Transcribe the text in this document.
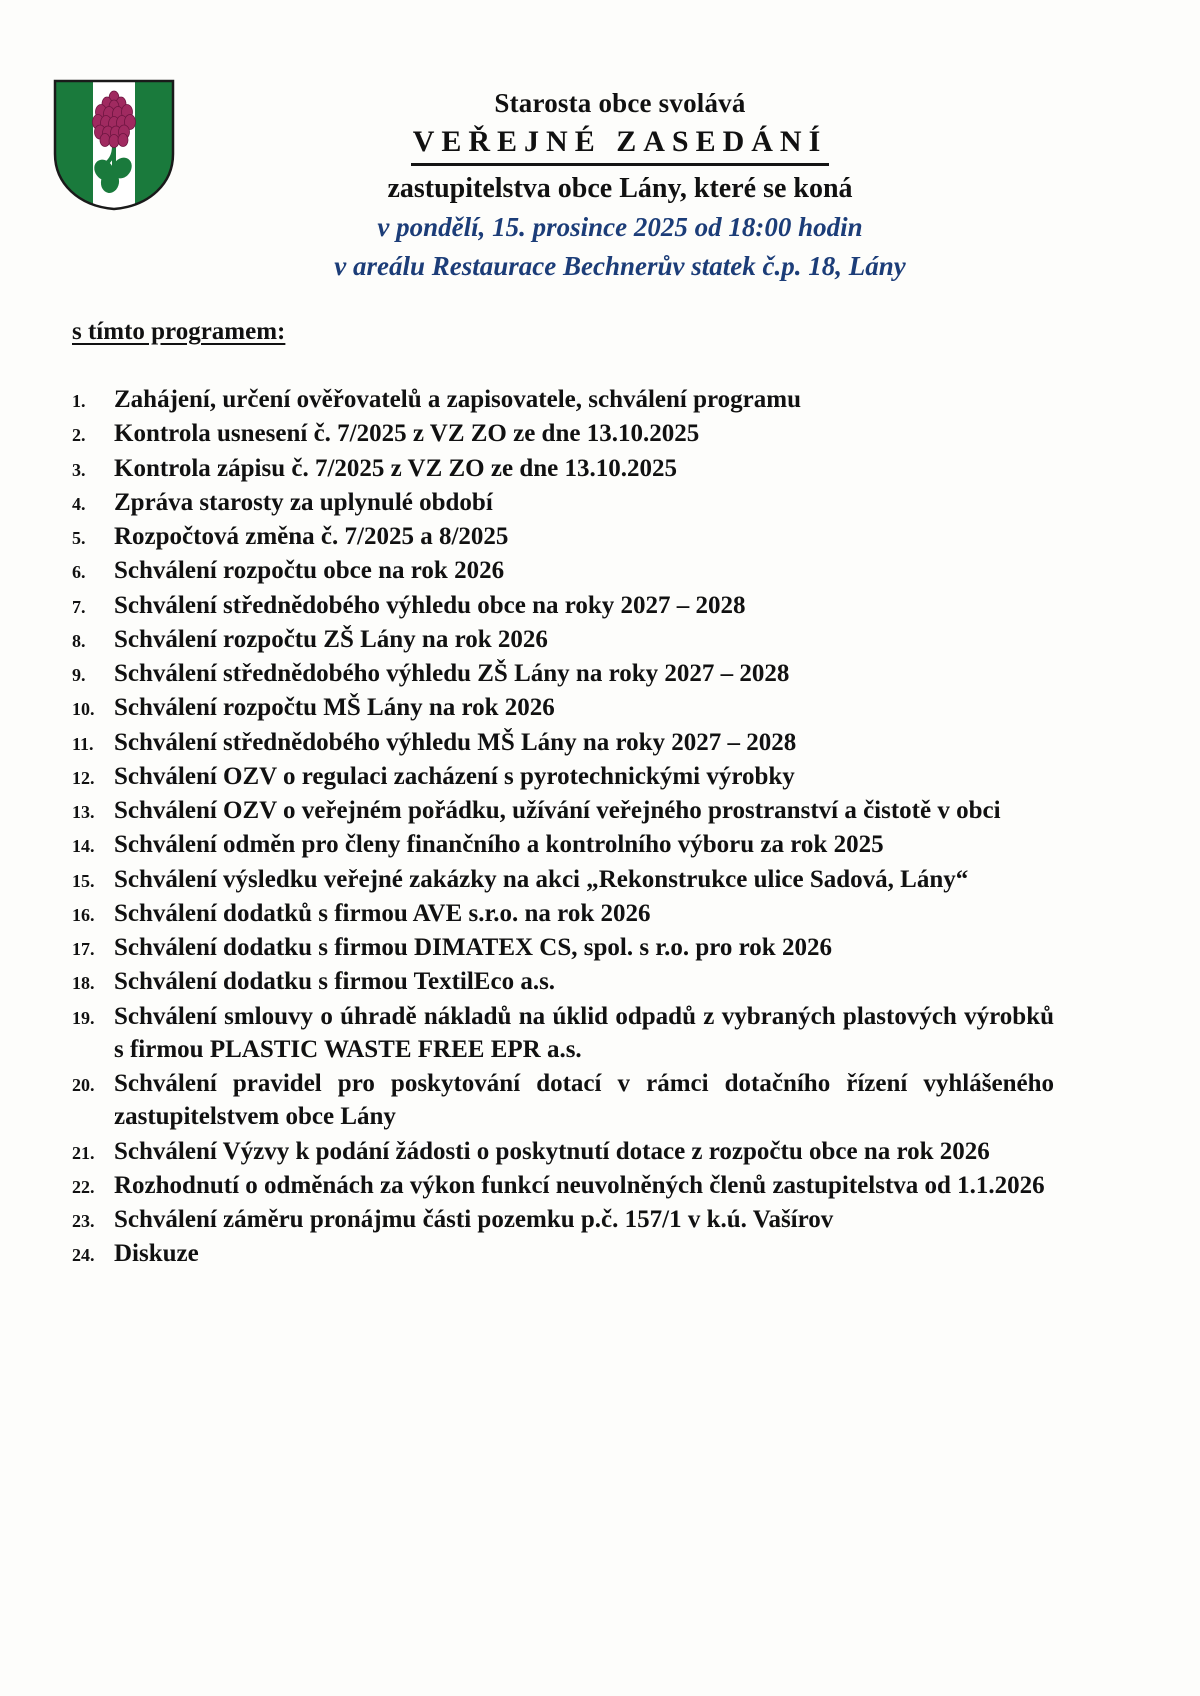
Starosta obce svolává
VEŘEJNÉ ZASEDÁNÍ
zastupitelstva obce Lány, které se koná
v pondělí, 15. prosince 2025 od 18:00 hodin
v areálu Restaurace Bechnerův statek č.p. 18, Lány
s tímto programem:
1.	Zahájení, určení ověřovatelů a zapisovatele, schválení programu
2.	Kontrola usnesení č. 7/2025 z VZ ZO ze dne 13.10.2025
3.	Kontrola zápisu č. 7/2025 z VZ ZO ze dne 13.10.2025
4.	Zpráva starosty za uplynulé období
5.	Rozpočtová změna č. 7/2025 a 8/2025
6.	Schválení rozpočtu obce na rok 2026
7.	Schválení střednědobého výhledu obce na roky 2027 – 2028
8.	Schválení rozpočtu ZŠ Lány na rok 2026
9.	Schválení střednědobého výhledu ZŠ Lány na roky 2027 – 2028
10. Schválení rozpočtu MŠ Lány na rok 2026
11. Schválení střednědobého výhledu MŠ Lány na roky 2027 – 2028
12. Schválení OZV o regulaci zacházení s pyrotechnickými výrobky
13. Schválení OZV o veřejném pořádku, užívání veřejného prostranství a čistotě v obci
14. Schválení odměn pro členy finančního a kontrolního výboru za rok 2025
15. Schválení výsledku veřejné zakázky na akci „Rekonstrukce ulice Sadová, Lány“
16. Schválení dodatků s firmou AVE s.r.o. na rok 2026
17. Schválení dodatku s firmou DIMATEX CS, spol. s r.o. pro rok 2026
18. Schválení dodatku s firmou TextilEco a.s.
19. Schválení smlouvy o úhradě nákladů na úklid odpadů z vybraných plastových výrobků s firmou PLASTIC WASTE FREE EPR a.s.
20. Schválení pravidel pro poskytování dotací v rámci dotačního řízení vyhlášeného zastupitelstvem obce Lány
21. Schválení Výzvy k podání žádosti o poskytnutí dotace z rozpočtu obce na rok 2026
22. Rozhodnutí o odměnách za výkon funkcí neuvolněných členů zastupitelstva od 1.1.2026
23. Schválení záměru pronájmu části pozemku p.č. 157/1 v k.ú. Vašírov
24. Diskuze
